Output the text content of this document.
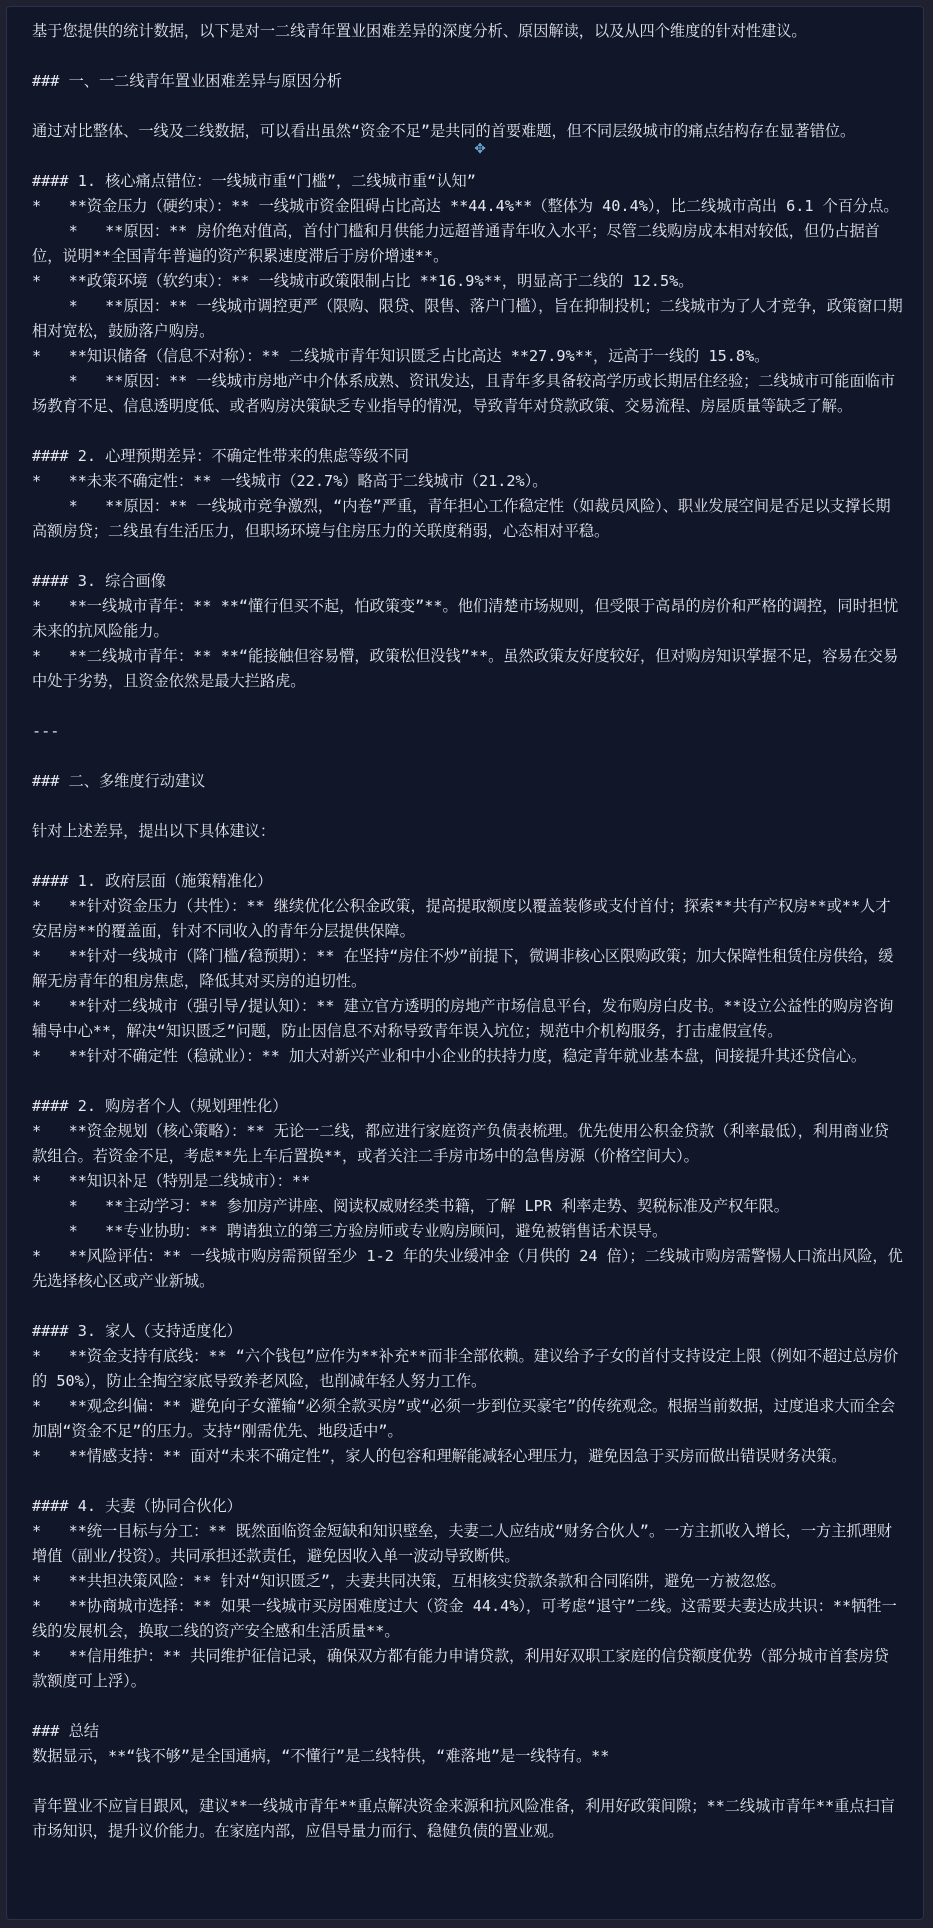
基于您提供的统计数据，以下是对一二线青年置业困难差异的深度分析、原因解读，以及从四个维度的针对性建议。
### 一、一二线青年置业困难差异与原因分析
通过对比整体、一线及二线数据，可以看出虽然“资金不足”是共同的首要难题，但不同层级城市的痛点结构存在显著错位。
#### 1. 核心痛点错位：一线城市重“门槛”，二线城市重“认知”
*   **资金压力（硬约束）：** 一线城市资金阻碍占比高达 **44.4%**（整体为 40.4%），比二线城市高出 6.1 个百分点。
*   **原因：** 房价绝对值高，首付门槛和月供能力远超普通青年收入水平；尽管二线购房成本相对较低，但仍占据首位，说明**全国青年普遍的资产积累速度滞后于房价增速**。
*   **政策环境（软约束）：** 一线城市政策限制占比 **16.9%**，明显高于二线的 12.5%。
*   **原因：** 一线城市调控更严（限购、限贷、限售、落户门槛），旨在抑制投机；二线城市为了人才竞争，政策窗口期相对宽松，鼓励落户购房。
*   **知识储备（信息不对称）：** 二线城市青年知识匮乏占比高达 **27.9%**，远高于一线的 15.8%。
*   **原因：** 一线城市房地产中介体系成熟、资讯发达，且青年多具备较高学历或长期居住经验；二线城市可能面临市场教育不足、信息透明度低、或者购房决策缺乏专业指导的情况，导致青年对贷款政策、交易流程、房屋质量等缺乏了解。
#### 2. 心理预期差异：不确定性带来的焦虑等级不同
*   **未来不确定性：** 一线城市（22.7%）略高于二线城市（21.2%）。
*   **原因：** 一线城市竞争激烈，“内卷”严重，青年担心工作稳定性（如裁员风险）、职业发展空间是否足以支撑长期高额房贷；二线虽有生活压力，但职场环境与住房压力的关联度稍弱，心态相对平稳。
#### 3. 综合画像
*   **一线城市青年：** **“懂行但买不起，怕政策变”**。他们清楚市场规则，但受限于高昂的房价和严格的调控，同时担忧未来的抗风险能力。
*   **二线城市青年：** **“能接触但容易懵，政策松但没钱”**。虽然政策友好度较好，但对购房知识掌握不足，容易在交易中处于劣势，且资金依然是最大拦路虎。
---
### 二、多维度行动建议
针对上述差异，提出以下具体建议：
#### 1. 政府层面（施策精准化）
*   **针对资金压力（共性）：** 继续优化公积金政策，提高提取额度以覆盖装修或支付首付；探索**共有产权房**或**人才安居房**的覆盖面，针对不同收入的青年分层提供保障。
*   **针对一线城市（降门槛/稳预期）：** 在坚持“房住不炒”前提下，微调非核心区限购政策；加大保障性租赁住房供给，缓解无房青年的租房焦虑，降低其对买房的迫切性。
*   **针对二线城市（强引导/提认知）：** 建立官方透明的房地产市场信息平台，发布购房白皮书。**设立公益性的购房咨询辅导中心**，解决“知识匮乏”问题，防止因信息不对称导致青年误入坑位；规范中介机构服务，打击虚假宣传。
*   **针对不确定性（稳就业）：** 加大对新兴产业和中小企业的扶持力度，稳定青年就业基本盘，间接提升其还贷信心。
#### 2. 购房者个人（规划理性化）
*   **资金规划（核心策略）：** 无论一二线，都应进行家庭资产负债表梳理。优先使用公积金贷款（利率最低），利用商业贷款组合。若资金不足，考虑**先上车后置换**，或者关注二手房市场中的急售房源（价格空间大）。
*   **知识补足（特别是二线城市）：**
*   **主动学习：** 参加房产讲座、阅读权威财经类书籍，了解 LPR 利率走势、契税标准及产权年限。
*   **专业协助：** 聘请独立的第三方验房师或专业购房顾问，避免被销售话术误导。
*   **风险评估：** 一线城市购房需预留至少 1-2 年的失业缓冲金（月供的 24 倍）；二线城市购房需警惕人口流出风险，优先选择核心区或产业新城。
#### 3. 家人（支持适度化）
*   **资金支持有底线：** “六个钱包”应作为**补充**而非全部依赖。建议给予子女的首付支持设定上限（例如不超过总房价的 50%），防止全掏空家底导致养老风险，也削减年轻人努力工作。
*   **观念纠偏：** 避免向子女灌输“必须全款买房”或“必须一步到位买豪宅”的传统观念。根据当前数据，过度追求大而全会加剧“资金不足”的压力。支持“刚需优先、地段适中”。
*   **情感支持：** 面对“未来不确定性”，家人的包容和理解能减轻心理压力，避免因急于买房而做出错误财务决策。
#### 4. 夫妻（协同合伙化）
*   **统一目标与分工：** 既然面临资金短缺和知识壁垒，夫妻二人应结成“财务合伙人”。一方主抓收入增长，一方主抓理财增值（副业/投资）。共同承担还款责任，避免因收入单一波动导致断供。
*   **共担决策风险：** 针对“知识匮乏”，夫妻共同决策，互相核实贷款条款和合同陷阱，避免一方被忽悠。
*   **协商城市选择：** 如果一线城市买房困难度过大（资金 44.4%），可考虑“退守”二线。这需要夫妻达成共识：**牺牲一线的发展机会，换取二线的资产安全感和生活质量**。
*   **信用维护：** 共同维护征信记录，确保双方都有能力申请贷款，利用好双职工家庭的信贷额度优势（部分城市首套房贷款额度可上浮）。
### 总结
数据显示，**“钱不够”是全国通病，“不懂行”是二线特供，“难落地”是一线特有。**
青年置业不应盲目跟风，建议**一线城市青年**重点解决资金来源和抗风险准备，利用好政策间隙；**二线城市青年**重点扫盲市场知识，提升议价能力。在家庭内部，应倡导量力而行、稳健负债的置业观。
✥
